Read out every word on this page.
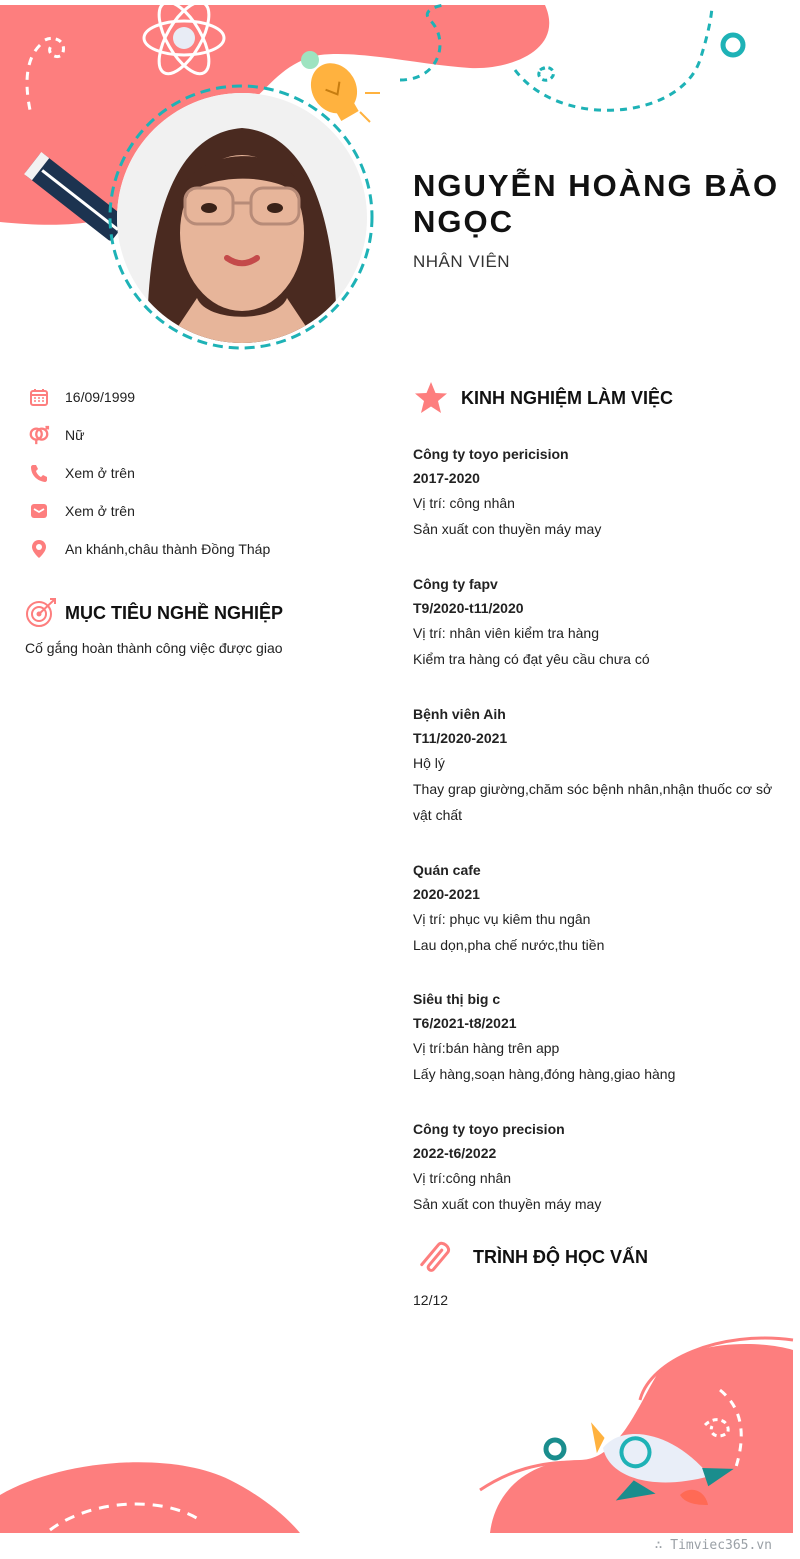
NGUYỄN HOÀNG BẢO NGỌC
NHÂN VIÊN
16/09/1999
Nữ
Xem ở trên
Xem ở trên
An khánh,châu thành Đồng Tháp
MỤC TIÊU NGHỀ NGHIỆP
Cố gắng hoàn thành công việc được giao
KINH NGHIỆM LÀM VIỆC
Công ty toyo pericision
2017-2020
Vị trí: công nhân
Sản xuất con thuyền máy may
Công ty fapv
T9/2020-t11/2020
Vị trí: nhân viên kiểm tra hàng
Kiểm tra hàng có đạt yêu cầu chưa có
Bệnh viên Aih
T11/2020-2021
Hộ lý
Thay grap giường,chăm sóc bệnh nhân,nhận thuốc cơ sở vật chất
Quán cafe
2020-2021
Vị trí: phục vụ kiêm thu ngân
Lau dọn,pha chế nước,thu tiền
Siêu thị big c
T6/2021-t8/2021
Vị trí:bán hàng trên app
Lấy hàng,soạn hàng,đóng hàng,giao hàng
Công ty toyo precision
2022-t6/2022
Vị trí:công nhân
Sản xuất con thuyền máy may
TRÌNH ĐỘ HỌC VẤN
12/12
∴ Timviec365.vn
